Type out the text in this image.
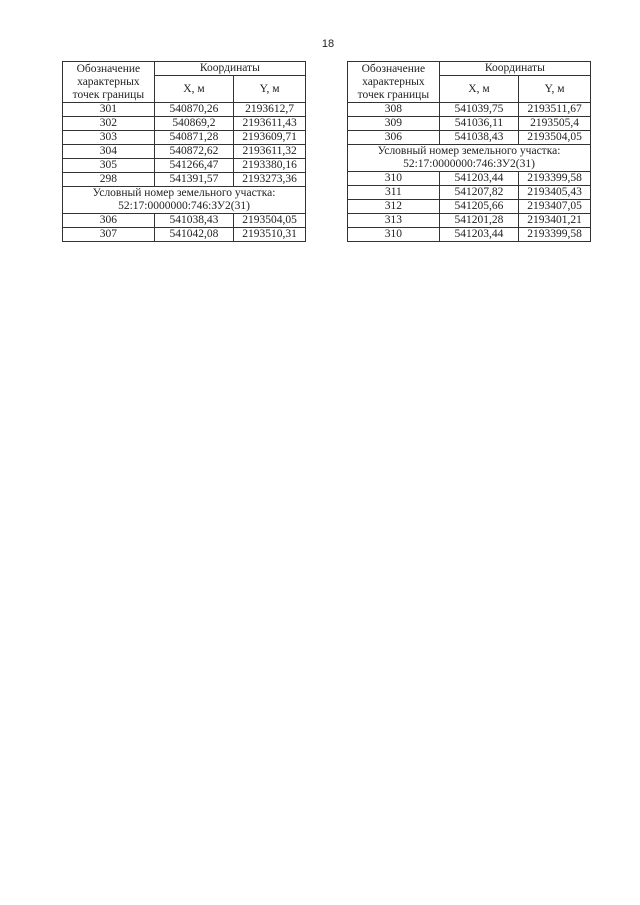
18
Обозначение
характерных
точек границы	Координаты	
	X, м	Y, м
301	540870,26	2193612,7
302	540869,2	2193611,43
303	540871,28	2193609,71
304	540872,62	2193611,32
305	541266,47	2193380,16
298	541391,57	2193273,36
Условный номер земельного участка:
52:17:0000000:746:ЗУ2(31)		
306	541038,43	2193504,05
307	541042,08	2193510,31
Обозначение
характерных
точек границы	Координаты	
	X, м	Y, м
308	541039,75	2193511,67
309	541036,11	2193505,4
306	541038,43	2193504,05
Условный номер земельного участка:
52:17:0000000:746:ЗУ2(31)		
310	541203,44	2193399,58
311	541207,82	2193405,43
312	541205,66	2193407,05
313	541201,28	2193401,21
310	541203,44	2193399,58
